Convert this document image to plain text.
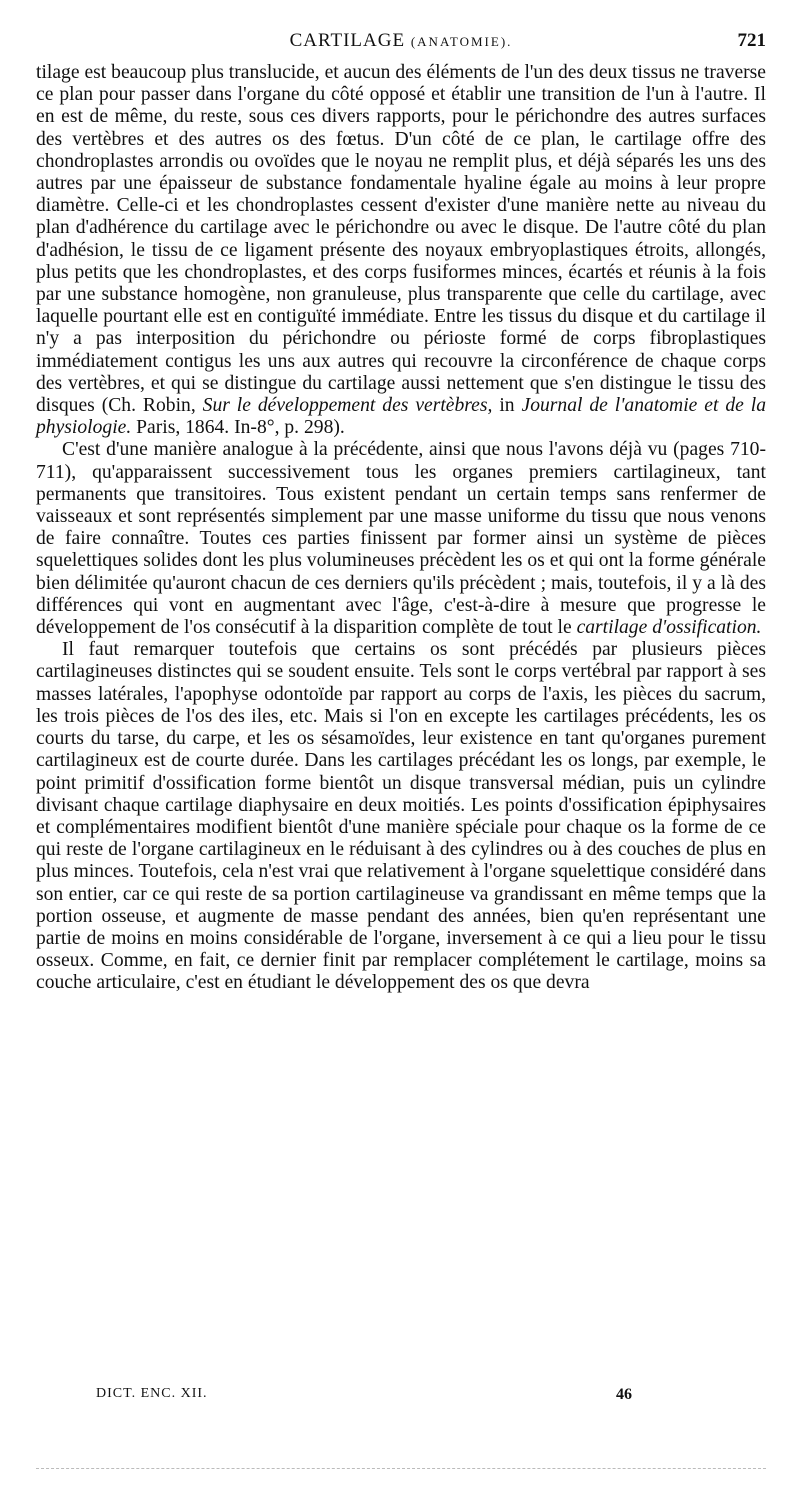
CARTILAGE (ANATOMIE).	721

tilage est beaucoup plus translucide, et aucun des éléments de l'un des deux tissus ne traverse ce plan pour passer dans l'organe du côté opposé et établir une transition de l'un à l'autre. Il en est de même, du reste, sous ces divers rapports, pour le périchondre des autres surfaces des vertèbres et des autres os des fœtus. D'un côté de ce plan, le cartilage offre des chondroplastes arrondis ou ovoïdes que le noyau ne remplit plus, et déjà séparés les uns des autres par une épaisseur de substance fondamentale hyaline égale au moins à leur propre diamètre. Celle-ci et les chondroplastes cessent d'exister d'une manière nette au niveau du plan d'adhérence du cartilage avec le périchondre ou avec le disque. De l'autre côté du plan d'adhésion, le tissu de ce ligament présente des noyaux embryoplastiques étroits, allongés, plus petits que les chondroplastes, et des corps fusiformes minces, écartés et réunis à la fois par une substance homogène, non granuleuse, plus transparente que celle du cartilage, avec laquelle pourtant elle est en contiguïté immédiate. Entre les tissus du disque et du cartilage il n'y a pas interposition du périchondre ou périoste formé de corps fibroplastiques immédiatement contigus les uns aux autres qui recouvre la circonférence de chaque corps des vertèbres, et qui se distingue du cartilage aussi nettement que s'en distingue le tissu des disques (Ch. Robin, Sur le développement des vertèbres, in Journal de l'anatomie et de la physiologie. Paris, 1864. In-8°, p. 298).

C'est d'une manière analogue à la précédente, ainsi que nous l'avons déjà vu (pages 710-711), qu'apparaissent successivement tous les organes premiers cartilagineux, tant permanents que transitoires. Tous existent pendant un certain temps sans renfermer de vaisseaux et sont représentés simplement par une masse uniforme du tissu que nous venons de faire connaître. Toutes ces parties finissent par former ainsi un système de pièces squelettiques solides dont les plus volumineuses précèdent les os et qui ont la forme générale bien délimitée qu'auront chacun de ces derniers qu'ils précèdent ; mais, toutefois, il y a là des différences qui vont en augmentant avec l'âge, c'est-à-dire à mesure que progresse le développement de l'os consécutif à la disparition complète de tout le cartilage d'ossification.

Il faut remarquer toutefois que certains os sont précédés par plusieurs pièces cartilagineuses distinctes qui se soudent ensuite. Tels sont le corps vertébral par rapport à ses masses latérales, l'apophyse odontoïde par rapport au corps de l'axis, les pièces du sacrum, les trois pièces de l'os des iles, etc. Mais si l'on en excepte les cartilages précédents, les os courts du tarse, du carpe, et les os sésamoïdes, leur existence en tant qu'organes purement cartilagineux est de courte durée. Dans les cartilages précédant les os longs, par exemple, le point primitif d'ossification forme bientôt un disque transversal médian, puis un cylindre divisant chaque cartilage diaphysaire en deux moitiés. Les points d'ossification épiphysaires et complémentaires modifient bientôt d'une manière spéciale pour chaque os la forme de ce qui reste de l'organe cartilagineux en le réduisant à des cylindres ou à des couches de plus en plus minces. Toutefois, cela n'est vrai que relativement à l'organe squelettique considéré dans son entier, car ce qui reste de sa portion cartilagineuse va grandissant en même temps que la portion osseuse, et augmente de masse pendant des années, bien qu'en représentant une partie de moins en moins considérable de l'organe, inversement à ce qui a lieu pour le tissu osseux. Comme, en fait, ce dernier finit par remplacer complétement le cartilage, moins sa couche articulaire, c'est en étudiant le développement des os que devra

DICT. ENC. XII.	46
